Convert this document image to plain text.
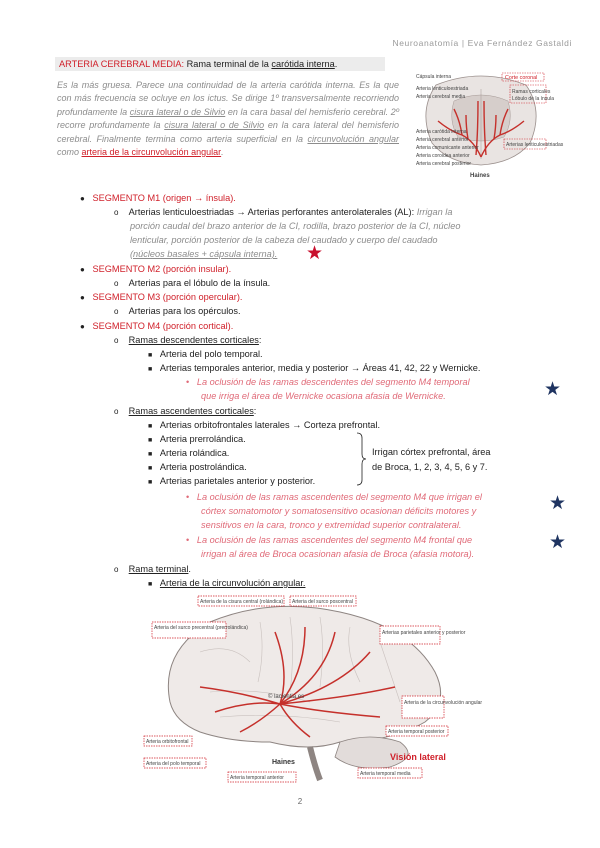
Neuroanatomía | Eva Fernández Gastaldi
ARTERIA CEREBRAL MEDIA: Rama terminal de la carótida interna.
Es la más gruesa. Parece una continuidad de la arteria carótida interna. Es la que con más frecuencia se ocluye en los ictus. Se dirige 1º transversalmente recorriendo profundamente la cisura lateral o de Silvio en la cara basal del hemisferio cerebral. 2º recorre profundamente la cisura lateral o de Silvio en la cara lateral del hemisferio cerebral. Finalmente termina como arteria superficial en la circunvolución angular como arteria de la circunvolución angular.
Corte coronal
Cápsula interna
Arteria lenticuloestriada
Arteria cerebral media
Arteria carótida interna
Arteria cerebral anterior
Arteria comunicante anterior
Arteria coroidea anterior
Arteria cerebral posterior
Ramas corticales
Lóbulo de la ínsula
Arterias lenticuloestriadas
Haines
● SEGMENTO M1 (origen → ínsula).
o Arterias lenticuloestriadas → Arterias perforantes anterolaterales (AL): Irrigan la
porción caudal del brazo anterior de la CI, rodilla, brazo posterior de la CI, núcleo
lenticular, porción posterior de la cabeza del caudado y cuerpo del caudado
(núcleos basales + cápsula interna). ★
● SEGMENTO M2 (porción insular).
o Arterias para el lóbulo de la ínsula.
● SEGMENTO M3 (porción opercular).
o Arterias para los opérculos.
● SEGMENTO M4 (porción cortical).
o Ramas descendentes corticales:
■ Arteria del polo temporal.
■ Arterias temporales anterior, media y posterior → Áreas 41, 42, 22 y Wernicke.
• La oclusión de las ramas descendentes del segmento M4 temporal
que irriga el área de Wernicke ocasiona afasia de Wernicke.	★
o Ramas ascendentes corticales:
■ Arterias orbitofrontales laterales → Corteza prefrontal.
■ Arteria prerrolándica.
■ Arteria rolándica.
■ Arteria postrolándica.
■ Arterias parietales anterior y posterior.
Irrigan córtex prefrontal, área
de Broca, 1, 2, 3, 4, 5, 6 y 7.
• La oclusión de las ramas ascendentes del segmento M4 que irrigan el
córtex somatomotor y somatosensitivo ocasionan déficits motores y
sensitivos en la cara, tronco y extremidad superior contralateral.
★
• La oclusión de las ramas ascendentes del segmento M4 frontal que
irrigan al área de Broca ocasionan afasia de Broca (afasia motora).
★
o Rama terminal.
■ Arteria de la circunvolución angular.
© lacientia.es
Arteria de la cisura central (rolándica) Arteria del surco poscentral
Arteria del surco precentral (prerrolándica)
Arterias parietales anterior y posterior
Arteria de la circunvolución angular
Arteria temporal posterior
Arteria orbitofrontal
Arteria del polo temporal
Arteria temporal anterior
Arteria temporal media
Haines
Visión lateral
2
